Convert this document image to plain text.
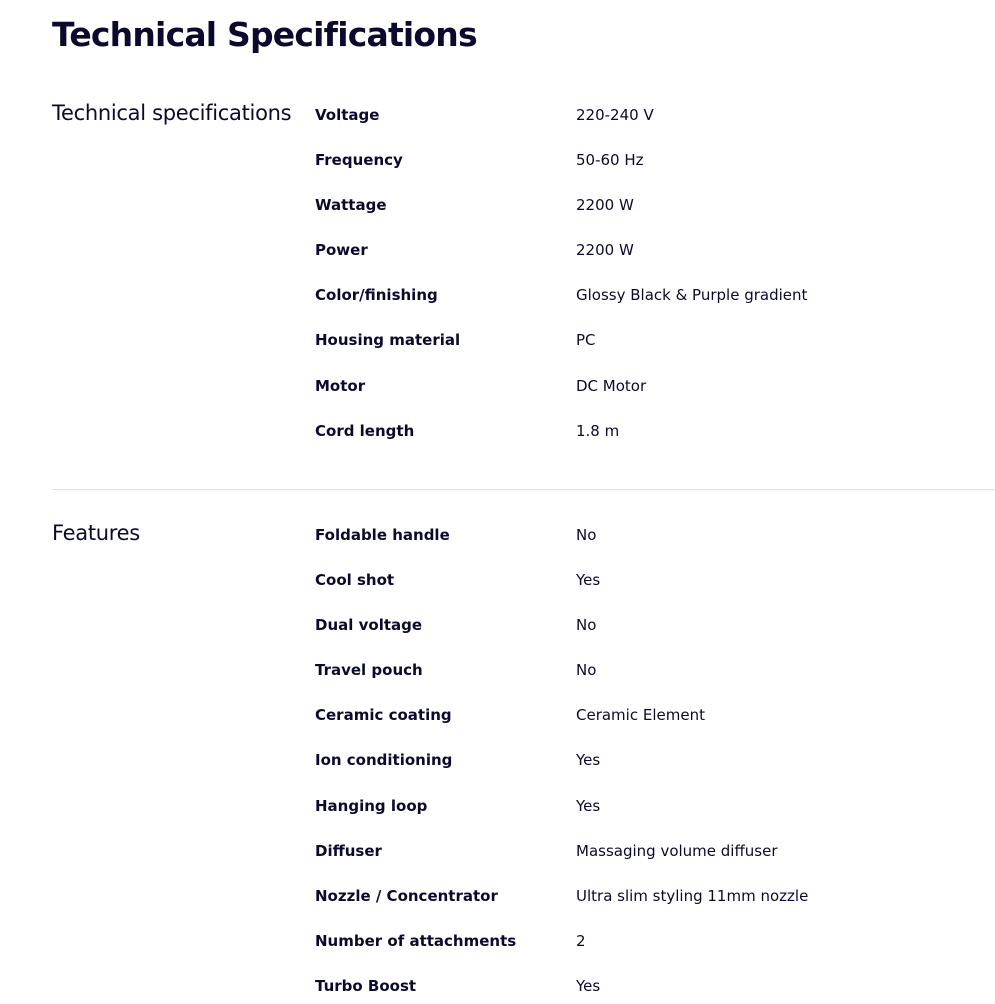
Technical Specifications
Technical specifications Voltage	220-240 V
Frequency	50-60 Hz
Wattage	2200 W
Power	2200 W
Color/finishing	Glossy Black & Purple gradient
Housing material	PC
Motor	DC Motor
Cord length	1.8 m
Features	Foldable handle	No
Cool shot	Yes
Dual voltage	No
Travel pouch	No
Ceramic coating	Ceramic Element
Ion conditioning	Yes
Hanging loop	Yes
Diffuser	Massaging volume diffuser
Nozzle / Concentrator	Ultra slim styling 11mm nozzle
Number of attachments	2
Turbo Boost	Yes
